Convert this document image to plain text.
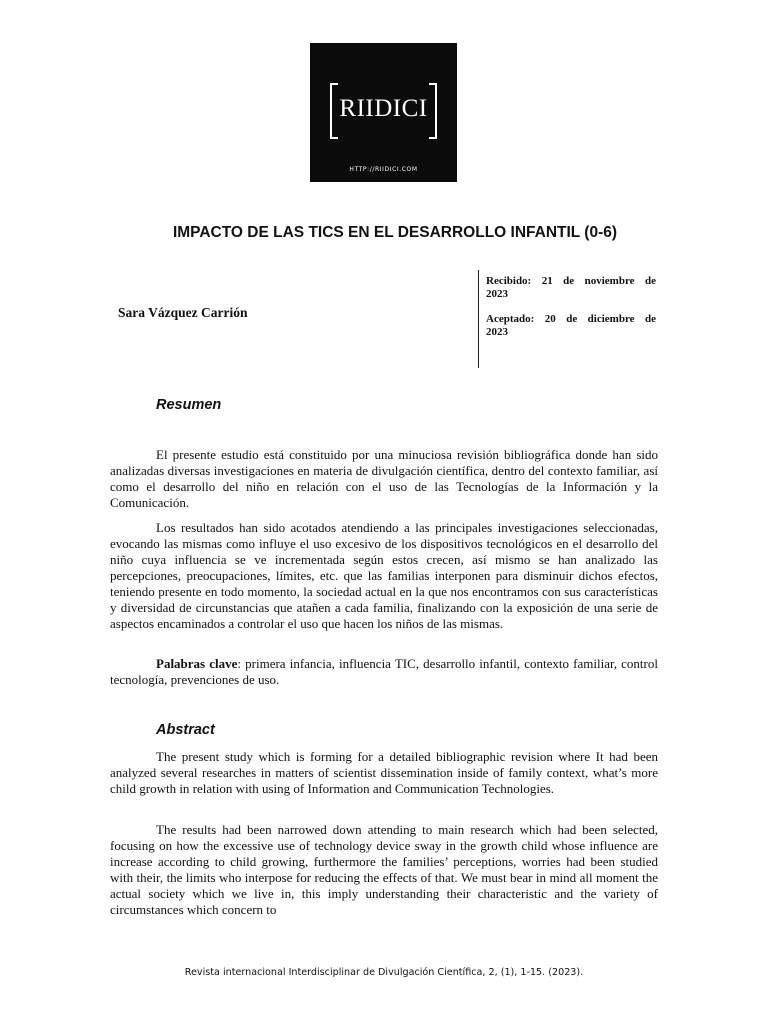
RIIDICI
HTTP://RIIDICI.COM
IMPACTO DE LAS TICS EN EL DESARROLLO INFANTIL (0-6)
Sara Vázquez Carrión
Recibido: 21 de noviembre de
2023
Aceptado: 20 de diciembre de
2023
Resumen

El presente estudio está constituido por una minuciosa revisión bibliográfica donde han sido analizadas diversas investigaciones en materia de divulgación científica, dentro del contexto familiar, así como el desarrollo del niño en relación con el uso de las Tecnologías de la Información y la Comunicación.

Los resultados han sido acotados atendiendo a las principales investigaciones seleccionadas, evocando las mismas como influye el uso excesivo de los dispositivos tecnológicos en el desarrollo del niño cuya influencia se ve incrementada según estos crecen, así mismo se han analizado las percepciones, preocupaciones, límites, etc. que las familias interponen para disminuir dichos efectos, teniendo presente en todo momento, la sociedad actual en la que nos encontramos con sus características y diversidad de circunstancias que atañen a cada familia, finalizando con la exposición de una serie de aspectos encaminados a controlar el uso que hacen los niños de las mismas.

Palabras clave: primera infancia, influencia TIC, desarrollo infantil, contexto familiar, control tecnología, prevenciones de uso.

Abstract

The present study which is forming for a detailed bibliographic revision where It had been analyzed several researches in matters of scientist dissemination inside of family context, what’s more child growth in relation with using of Information and Communication Technologies.

The results had been narrowed down attending to main research which had been selected, focusing on how the excessive use of technology device sway in the growth child whose influence are increase according to child growing, furthermore the families’ perceptions, worries had been studied with their, the limits who interpose for reducing the effects of that. We must bear in mind all moment the actual society which we live in, this imply understanding their characteristic and the variety of circumstances which concern to

Revista internacional Interdisciplinar de Divulgación Científica, 2, (1), 1-15. (2023).
